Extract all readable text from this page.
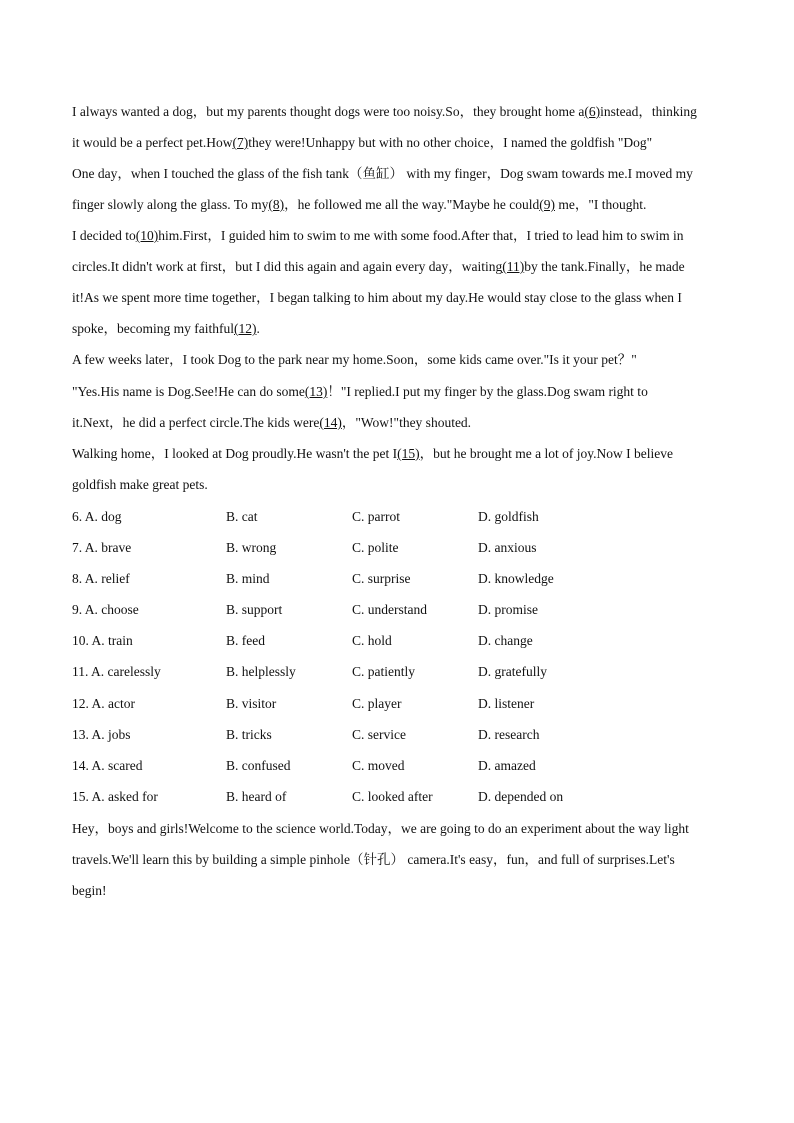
I always wanted a dog，but my parents thought dogs were too noisy.So，they brought home a(6)instead，thinking
it would be a perfect pet.How(7)they were!Unhappy but with no other choice，I named the goldfish "Dog"
One day，when I touched the glass of the fish tank（鱼缸） with my finger，Dog swam towards me.I moved my
finger slowly along the glass. To my(8)，he followed me all the way."Maybe he could(9) me，"I thought.
I decided to(10)him.First，I guided him to swim to me with some food.After that，I tried to lead him to swim in
circles.It didn't work at first，but I did this again and again every day，waiting(11)by the tank.Finally，he made
it!As we spent more time together，I began talking to him about my day.He would stay close to the glass when I
spoke，becoming my faithful(12).
A few weeks later，I took Dog to the park near my home.Soon，some kids came over."Is it your pet？"
"Yes.His name is Dog.See!He can do some(13)！"I replied.I put my finger by the glass.Dog swam right to
it.Next，he did a perfect circle.The kids were(14)，"Wow!"they shouted.
Walking home，I looked at Dog proudly.He wasn't the pet I(15)，but he brought me a lot of joy.Now I believe
goldfish make great pets.
6. A. dog	B. cat	C. parrot	D. goldfish
7. A. brave	B. wrong	C. polite	D. anxious
8. A. relief	B. mind	C. surprise	D. knowledge
9. A. choose	B. support	C. understand	D. promise
10. A. train	B. feed	C. hold	D. change
11. A. carelessly	B. helplessly	C. patiently	D. gratefully
12. A. actor	B. visitor	C. player	D. listener
13. A. jobs	B. tricks	C. service	D. research
14. A. scared	B. confused	C. moved	D. amazed
15. A. asked for	B. heard of	C. looked after	D. depended on
Hey，boys and girls!Welcome to the science world.Today，we are going to do an experiment about the way light
travels.We'll learn this by building a simple pinhole（针孔） camera.It's easy，fun，and full of surprises.Let's
begin!
